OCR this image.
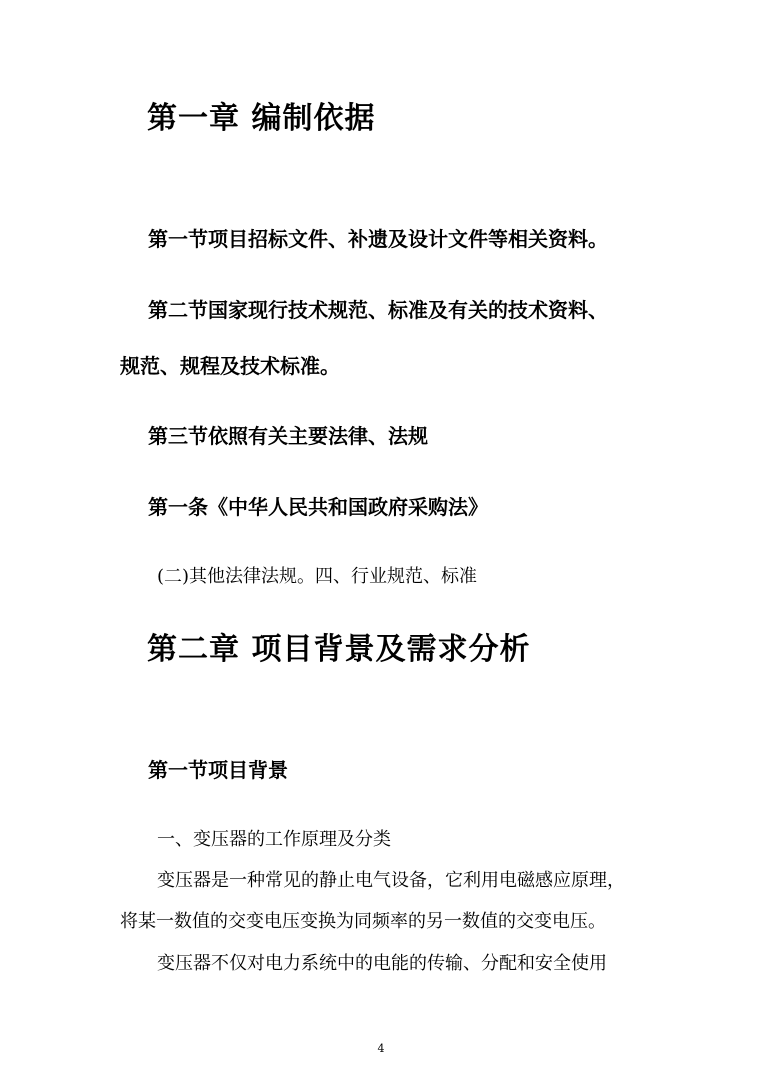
第一章 编制依据
第一节项目招标文件、补遗及设计文件等相关资料。
第二节国家现行技术规范、标准及有关的技术资料、
规范、规程及技术标准。
第三节依照有关主要法律、法规
第一条《中华人民共和国政府采购法》
(二)其他法律法规。四、行业规范、标准
第二章 项目背景及需求分析
第一节项目背景
一、变压器的工作原理及分类
变压器是一种常见的静止电气设备，它利用电磁感应原理，
将某一数值的交变电压变换为同频率的另一数值的交变电压。
变压器不仅对电力系统中的电能的传输、分配和安全使用
4
